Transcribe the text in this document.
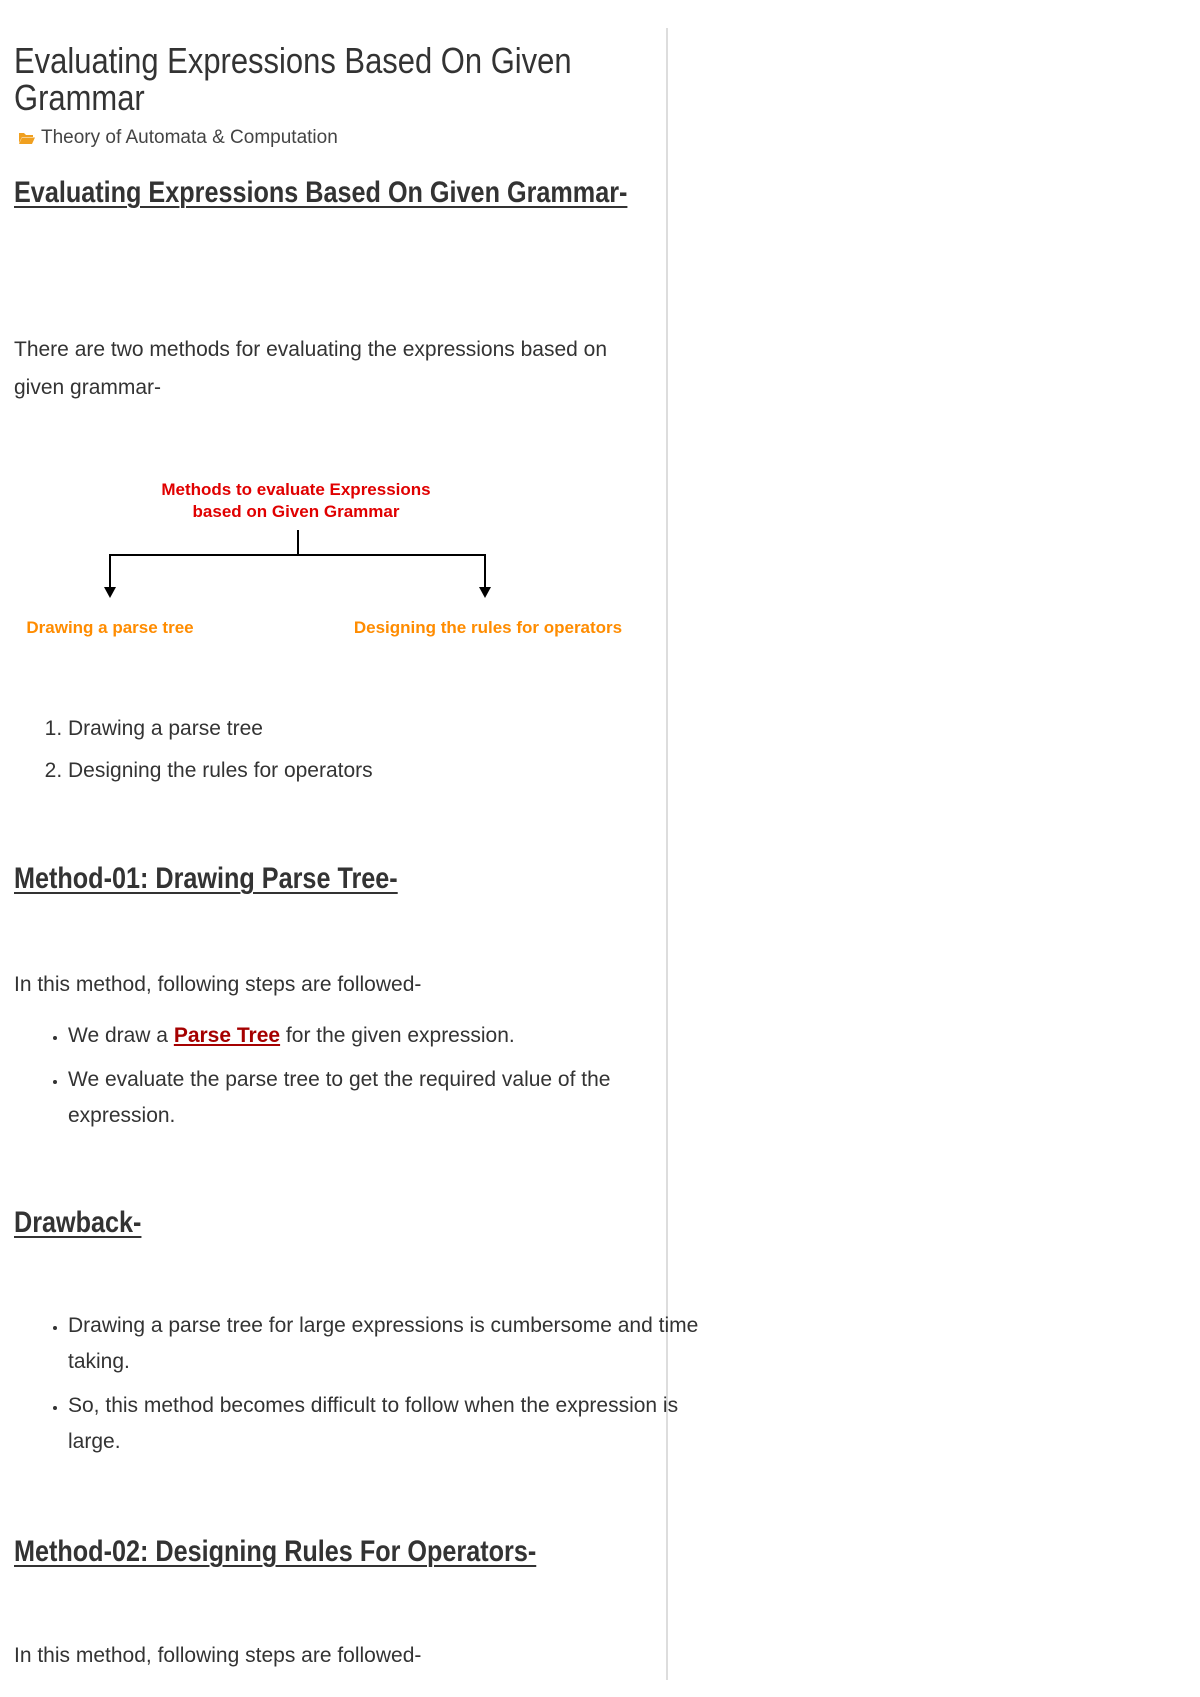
Evaluating Expressions Based On Given Grammar
Theory of Automata & Computation
Evaluating Expressions Based On Given Grammar-

There are two methods for evaluating the expressions based on given grammar-

Methods to evaluate Expressions
based on Given Grammar
Drawing a parse tree	Designing the rules for operators
1. Drawing a parse tree
2. Designing the rules for operators
Method-01: Drawing Parse Tree-

In this method, following steps are followed-

• We draw a Parse Tree for the given expression.
• We evaluate the parse tree to get the required value of the expression.
Drawback-
• Drawing a parse tree for large expressions is cumbersome and time taking.
• So, this method becomes difficult to follow when the expression is large.
Method-02: Designing Rules For Operators-

In this method, following steps are followed-
